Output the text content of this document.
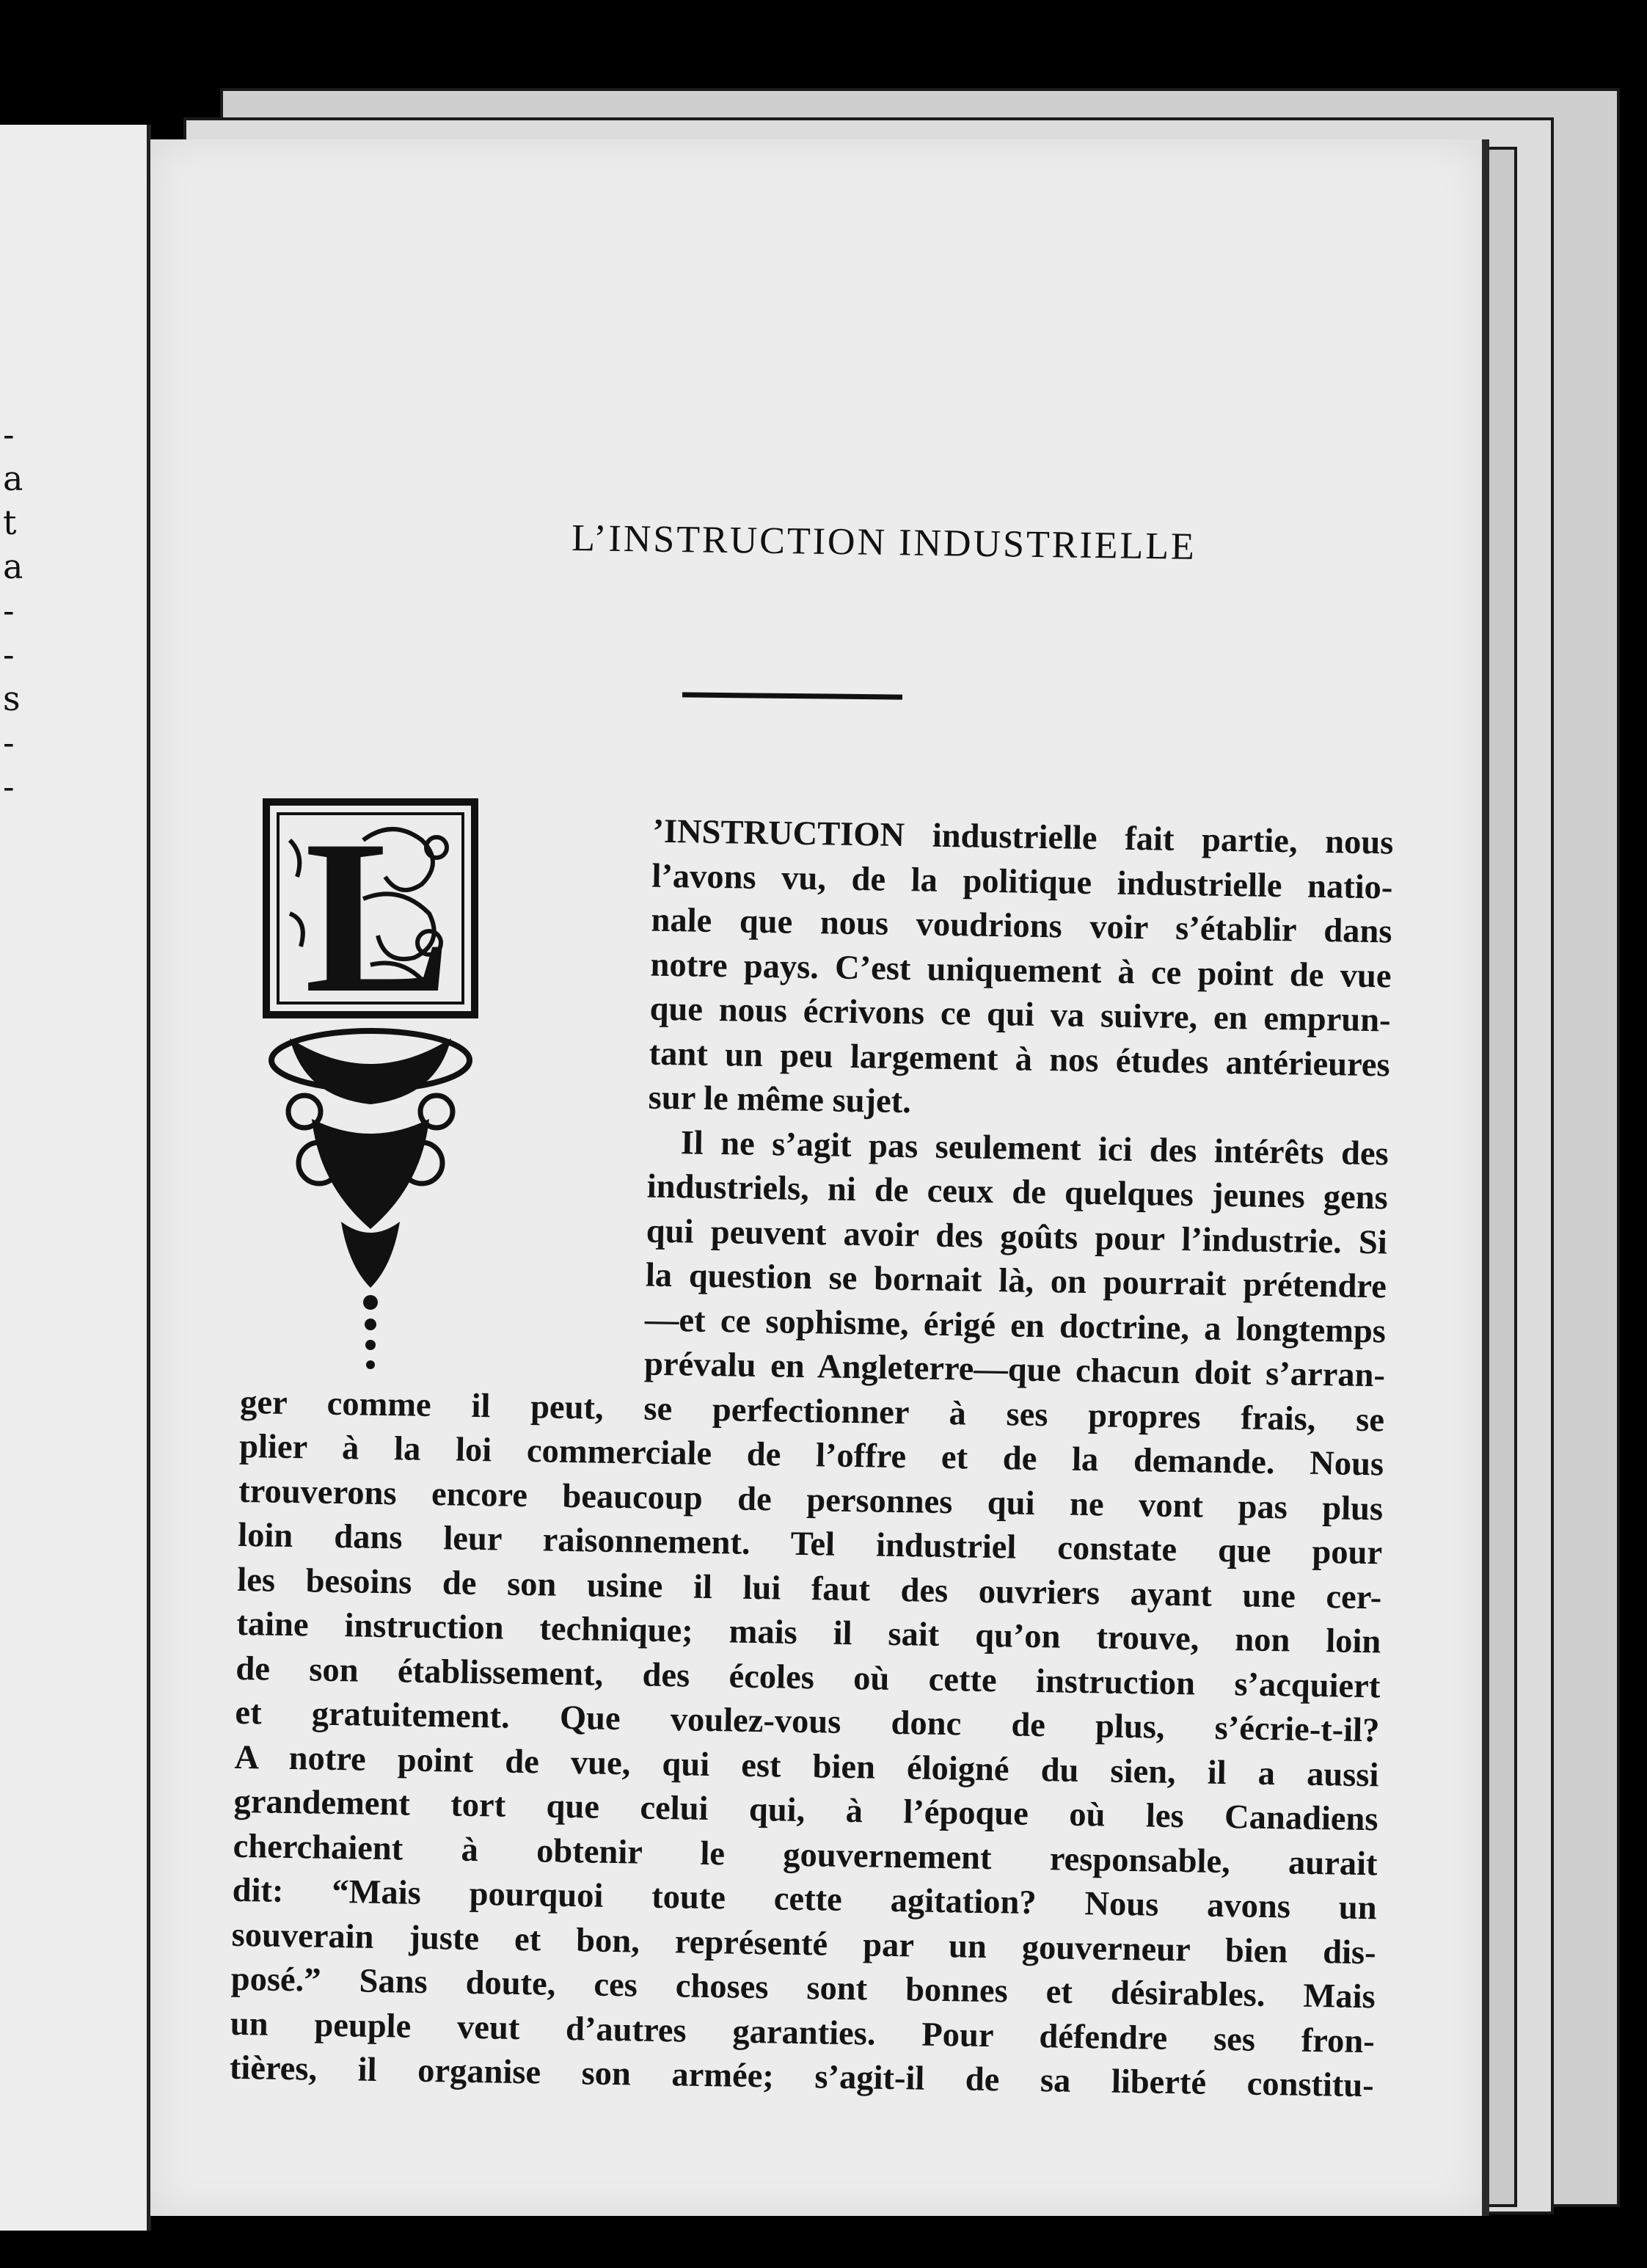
-
a
t
a
-
-
s
-
-
L’INSTRUCTION INDUSTRIELLE
L	’INSTRUCTION industrielle fait partie, nous
l’avons vu, de la politique industrielle natio-
nale que nous voudrions voir s’établir dans
notre pays. C’est uniquement à ce point de vue
que nous écrivons ce qui va suivre, en emprun-
tant un peu largement à nos études antérieures
sur le même sujet.
Il ne s’agit pas seulement ici des intérêts des
industriels, ni de ceux de quelques jeunes gens
qui peuvent avoir des goûts pour l’industrie. Si
la question se bornait là, on pourrait prétendre
—et ce sophisme, érigé en doctrine, a longtemps
prévalu en Angleterre—que chacun doit s’arran-
ger comme il peut, se perfectionner à ses propres frais, se
plier à la loi commerciale de l’offre et de la demande. Nous
trouverons encore beaucoup de personnes qui ne vont pas plus
loin dans leur raisonnement. Tel industriel constate que pour
les besoins de son usine il lui faut des ouvriers ayant une cer-
taine instruction technique; mais il sait qu’on trouve, non loin
de son établissement, des écoles où cette instruction s’acquiert
et gratuitement. Que voulez-vous donc de plus, s’écrie-t-il?
A notre point de vue, qui est bien éloigné du sien, il a aussi
grandement tort que celui qui, à l’époque où les Canadiens
cherchaient à obtenir le gouvernement responsable, aurait
dit: “Mais pourquoi toute cette agitation? Nous avons un
souverain juste et bon, représenté par un gouverneur bien dis-
posé.” Sans doute, ces choses sont bonnes et désirables. Mais
un peuple veut d’autres garanties. Pour défendre ses fron-
tières, il organise son armée; s’agit-il de sa liberté constitu-
